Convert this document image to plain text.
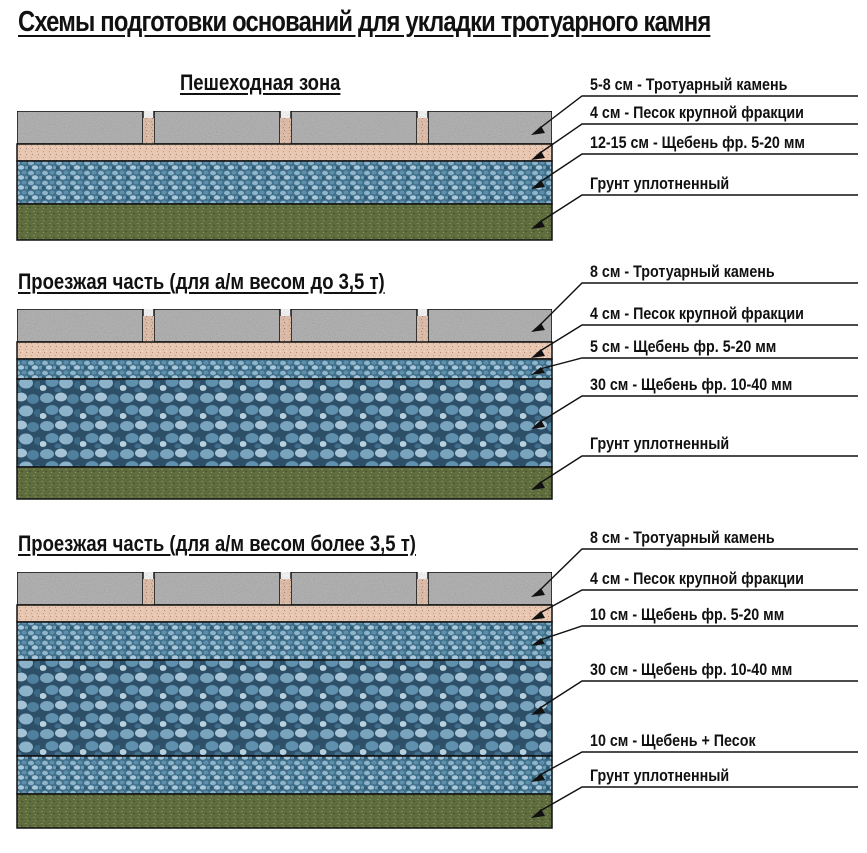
Схемы подготовки оснований для укладки тротуарного камня
Пешеходная зона
Проезжая часть (для а/м весом до 3,5 т)
Проезжая часть (для а/м весом более 3,5 т)
5-8 см - Тротуарный камень
4 см - Песок крупной фракции
12-15 см - Щебень фр. 5-20 мм
Грунт уплотненный
8 см - Тротуарный камень
4 см - Песок крупной фракции
5 см - Щебень фр. 5-20 мм
30 см - Щебень фр. 10-40 мм
Грунт уплотненный
8 см - Тротуарный камень
4 см - Песок крупной фракции
10 см - Щебень фр. 5-20 мм
30 см - Щебень фр. 10-40 мм
10 см - Щебень + Песок
Грунт уплотненный
